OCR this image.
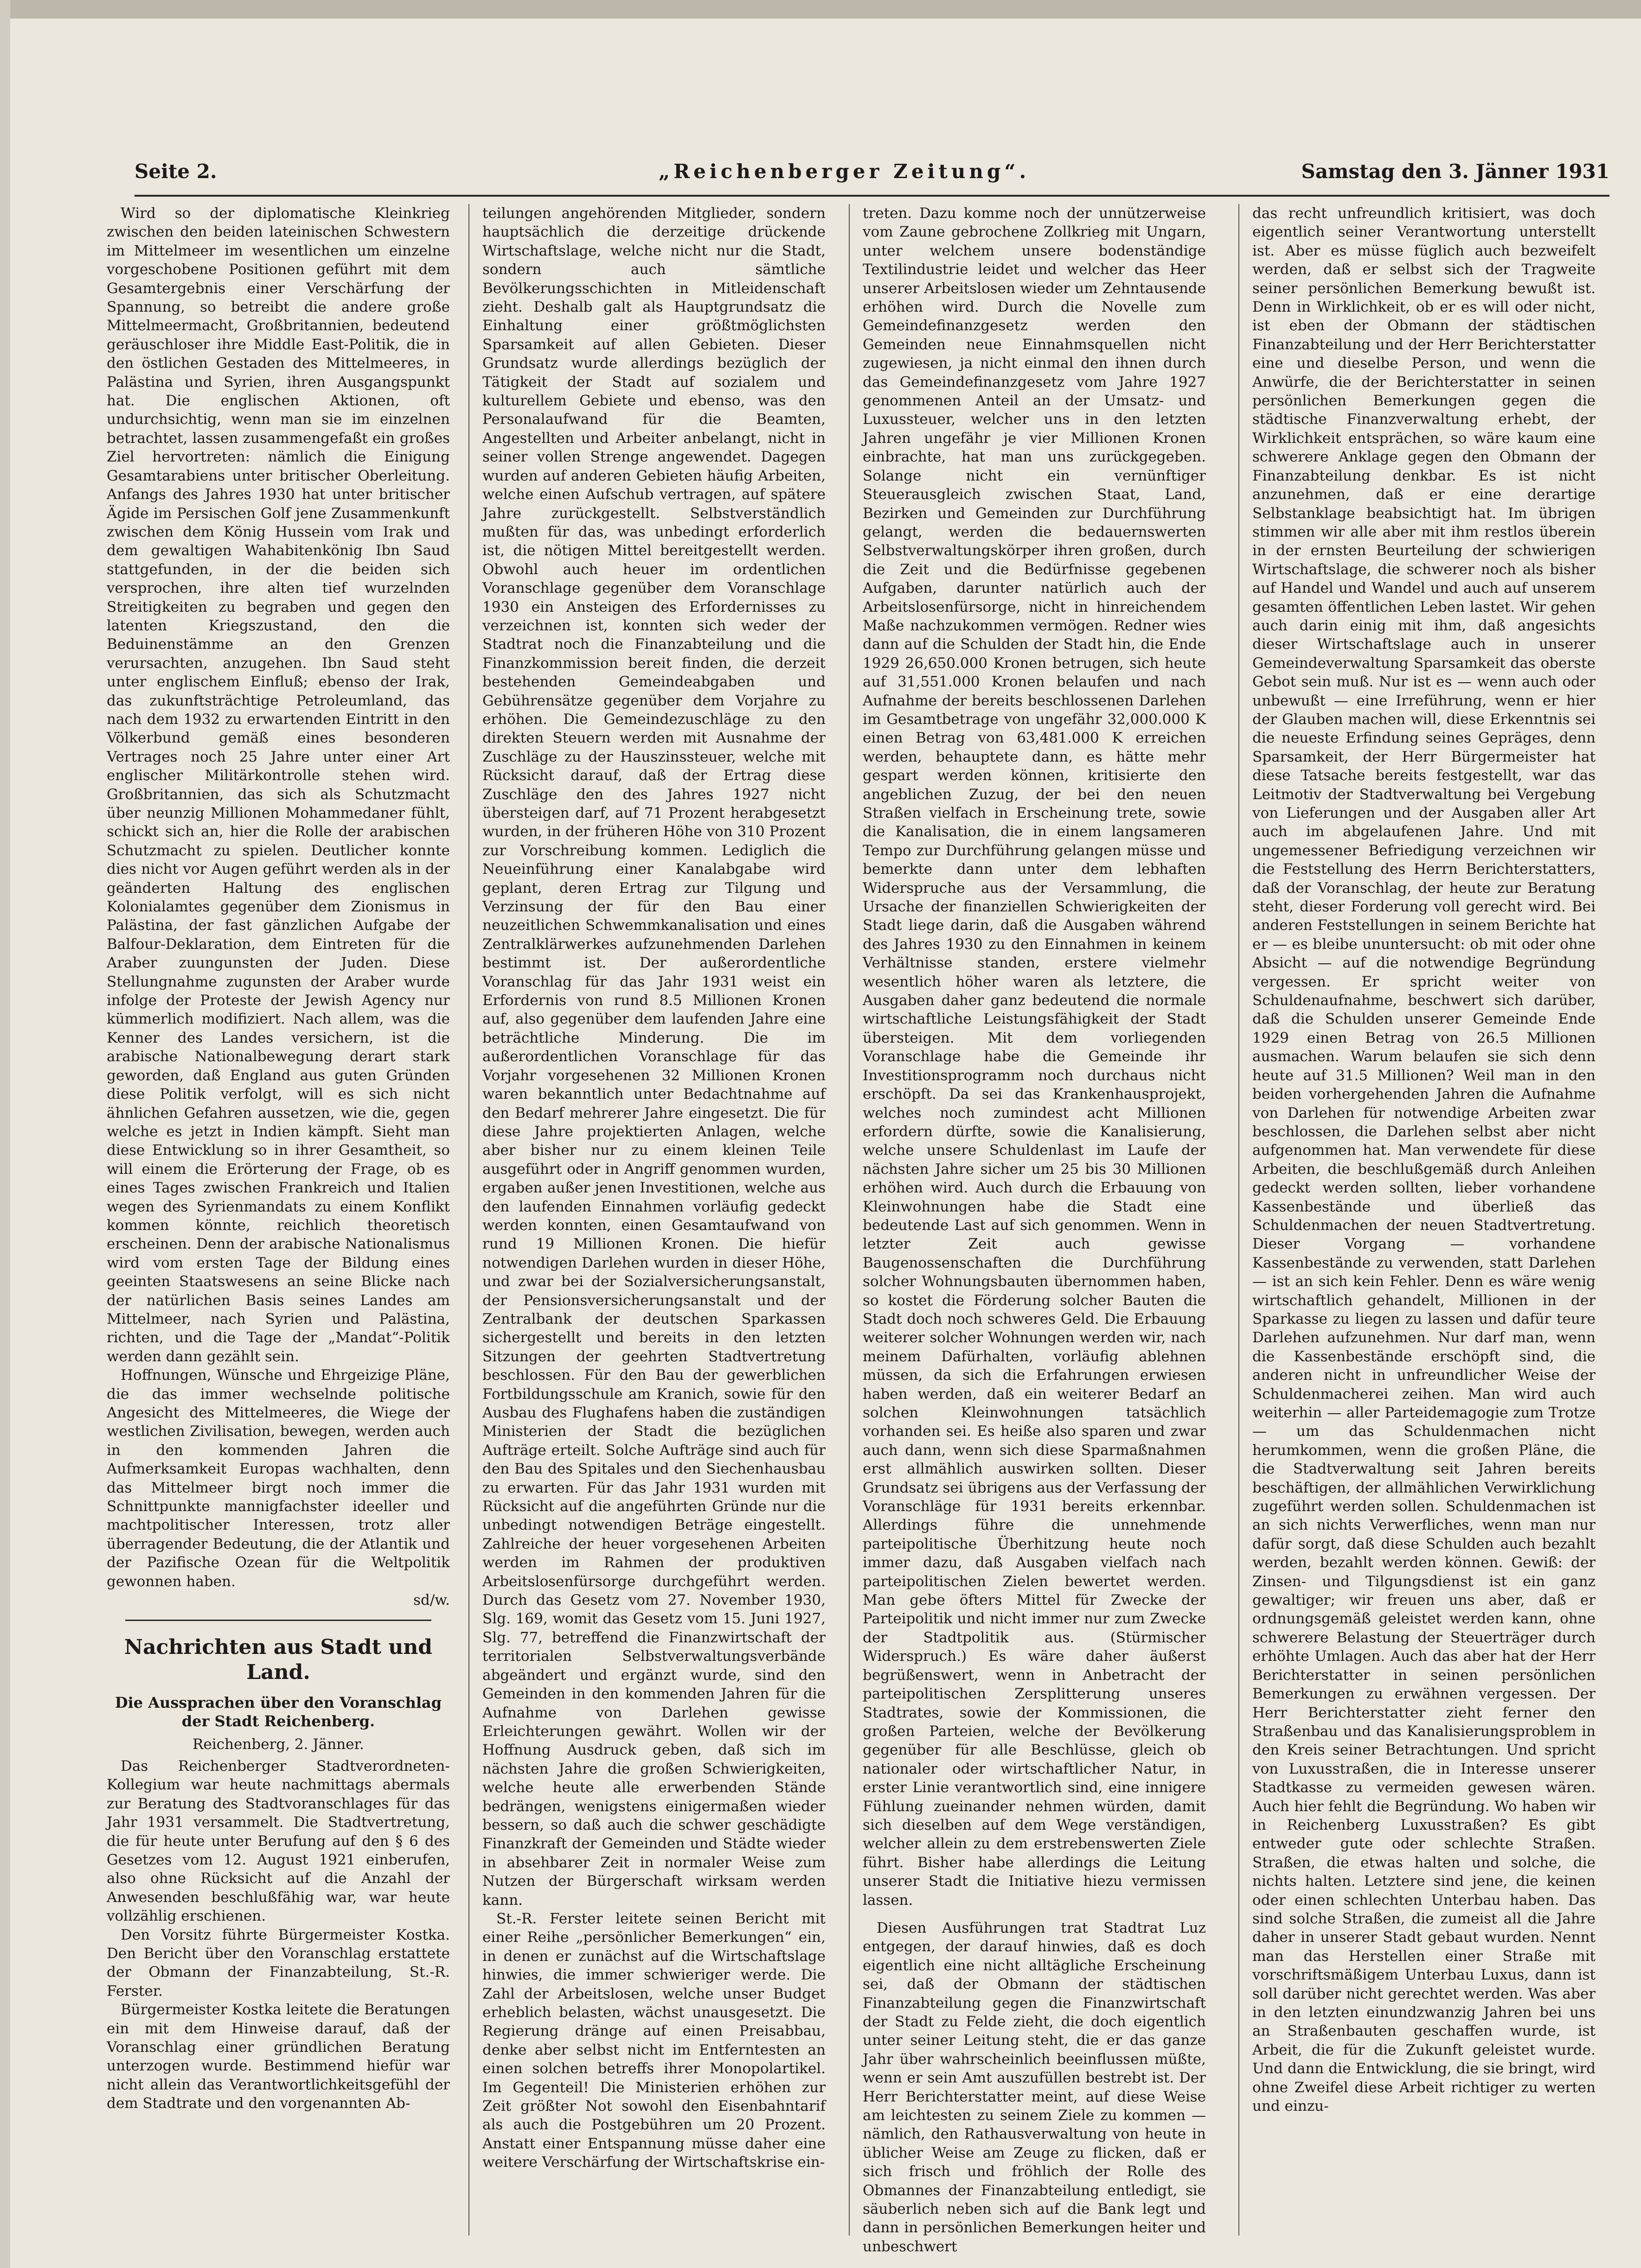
Seite 2.	„Reichenberger Zeitung“.	Samstag den 3. Jänner 1931

Wird so der diplomatische Kleinkrieg zwischen den beiden lateinischen Schwestern im Mittelmeer im wesentlichen um einzelne vorgeschobene Positionen geführt mit dem Gesamtergebnis einer Verschärfung der Spannung, so betreibt die andere große Mittelmeermacht, Großbritannien, bedeutend geräuschloser ihre Middle East-Politik, die in den östlichen Gestaden des Mittelmeeres, in Palästina und Syrien, ihren Ausgangspunkt hat. Die englischen Aktionen, oft undurchsichtig, wenn man sie im einzelnen betrachtet, lassen zusammengefaßt ein großes Ziel hervortreten: nämlich die Einigung Gesamtarabiens unter britischer Oberleitung. Anfangs des Jahres 1930 hat unter britischer Ägide im Persischen Golf jene Zusammenkunft zwischen dem König Hussein vom Irak und dem gewaltigen Wahabitenkönig Ibn Saud stattgefunden, in der die beiden sich versprochen, ihre alten tief wurzelnden Streitigkeiten zu begraben und gegen den latenten Kriegszustand, den die Beduinenstämme an den Grenzen verursachten, anzugehen. Ibn Saud steht unter englischem Einfluß; ebenso der Irak, das zukunftsträchtige Petroleumland, das nach dem 1932 zu erwartenden Eintritt in den Völkerbund gemäß eines besonderen Vertrages noch 25 Jahre unter einer Art englischer Militärkontrolle stehen wird. Großbritannien, das sich als Schutzmacht über neunzig Millionen Mohammedaner fühlt, schickt sich an, hier die Rolle der arabischen Schutzmacht zu spielen. Deutlicher konnte dies nicht vor Augen geführt werden als in der geänderten Haltung des englischen Kolonialamtes gegenüber dem Zionismus in Palästina, der fast gänzlichen Aufgabe der Balfour-Deklaration, dem Eintreten für die Araber zuungunsten der Juden. Diese Stellungnahme zugunsten der Araber wurde infolge der Proteste der Jewish Agency nur kümmerlich modifiziert. Nach allem, was die Kenner des Landes versichern, ist die arabische Nationalbewegung derart stark geworden, daß England aus guten Gründen diese Politik verfolgt, will es sich nicht ähnlichen Gefahren aussetzen, wie die, gegen welche es jetzt in Indien kämpft. Sieht man diese Entwicklung so in ihrer Gesamtheit, so will einem die Erörterung der Frage, ob es eines Tages zwischen Frankreich und Italien wegen des Syrienmandats zu einem Konflikt kommen könnte, reichlich theoretisch erscheinen. Denn der arabische Nationalismus wird vom ersten Tage der Bildung eines geeinten Staatswesens an seine Blicke nach der natürlichen Basis seines Landes am Mittelmeer, nach Syrien und Palästina, richten, und die Tage der „Mandat“-Politik werden dann gezählt sein.

Hoffnungen, Wünsche und Ehrgeizige Pläne, die das immer wechselnde politische Angesicht des Mittelmeeres, die Wiege der westlichen Zivilisation, bewegen, werden auch in den kommenden Jahren die Aufmerksamkeit Europas wachhalten, denn das Mittelmeer birgt noch immer die Schnittpunkte mannigfachster ideeller und machtpolitischer Interessen, trotz aller überragender Bedeutung, die der Atlantik und der Pazifische Ozean für die Weltpolitik gewonnen haben.

sd/w.
Nachrichten aus Stadt und Land.
Die Aussprachen über den Voranschlag der Stadt Reichenberg.
Reichenberg, 2. Jänner.

Das Reichenberger Stadtverordneten-Kollegium war heute nachmittags abermals zur Beratung des Stadtvoranschlages für das Jahr 1931 versammelt. Die Stadtvertretung, die für heute unter Berufung auf den § 6 des Gesetzes vom 12. August 1921 einberufen, also ohne Rücksicht auf die Anzahl der Anwesenden beschlußfähig war, war heute vollzählig erschienen.

Den Vorsitz führte Bürgermeister Kostka. Den Bericht über den Voranschlag erstattete der Obmann der Finanzabteilung, St.-R. Ferster.

Bürgermeister Kostka leitete die Beratungen ein mit dem Hinweise darauf, daß der Voranschlag einer gründlichen Beratung unterzogen wurde. Bestimmend hiefür war nicht allein das Verantwortlichkeitsgefühl der dem Stadtrate und den vorgenannten Ab-

teilungen angehörenden Mitglieder, sondern hauptsächlich die derzeitige drückende Wirtschaftslage, welche nicht nur die Stadt, sondern auch sämtliche Bevölkerungsschichten in Mitleidenschaft zieht. Deshalb galt als Hauptgrundsatz die Einhaltung einer größtmöglichsten Sparsamkeit auf allen Gebieten. Dieser Grundsatz wurde allerdings bezüglich der Tätigkeit der Stadt auf sozialem und kulturellem Gebiete und ebenso, was den Personalaufwand für die Beamten, Angestellten und Arbeiter anbelangt, nicht in seiner vollen Strenge angewendet. Dagegen wurden auf anderen Gebieten häufig Arbeiten, welche einen Aufschub vertragen, auf spätere Jahre zurückgestellt. Selbstverständlich mußten für das, was unbedingt erforderlich ist, die nötigen Mittel bereitgestellt werden. Obwohl auch heuer im ordentlichen Voranschlage gegenüber dem Voranschlage 1930 ein Ansteigen des Erfordernisses zu verzeichnen ist, konnten sich weder der Stadtrat noch die Finanzabteilung und die Finanzkommission bereit finden, die derzeit bestehenden Gemeindeabgaben und Gebührensätze gegenüber dem Vorjahre zu erhöhen. Die Gemeindezuschläge zu den direkten Steuern werden mit Ausnahme der Zuschläge zu der Hauszinssteuer, welche mit Rücksicht darauf, daß der Ertrag diese Zuschläge den des Jahres 1927 nicht übersteigen darf, auf 71 Prozent herabgesetzt wurden, in der früheren Höhe von 310 Prozent zur Vorschreibung kommen. Lediglich die Neueinführung einer Kanalabgabe wird geplant, deren Ertrag zur Tilgung und Verzinsung der für den Bau einer neuzeitlichen Schwemmkanalisation und eines Zentralklärwerkes aufzunehmenden Darlehen bestimmt ist. Der außerordentliche Voranschlag für das Jahr 1931 weist ein Erfordernis von rund 8.5 Millionen Kronen auf, also gegenüber dem laufenden Jahre eine beträchtliche Minderung. Die im außerordentlichen Voranschlage für das Vorjahr vorgesehenen 32 Millionen Kronen waren bekanntlich unter Bedachtnahme auf den Bedarf mehrerer Jahre eingesetzt. Die für diese Jahre projektierten Anlagen, welche aber bisher nur zu einem kleinen Teile ausgeführt oder in Angriff genommen wurden, ergaben außer jenen Investitionen, welche aus den laufenden Einnahmen vorläufig gedeckt werden konnten, einen Gesamtaufwand von rund 19 Millionen Kronen. Die hiefür notwendigen Darlehen wurden in dieser Höhe, und zwar bei der Sozialversicherungsanstalt, der Pensionsversicherungsanstalt und der Zentralbank der deutschen Sparkassen sichergestellt und bereits in den letzten Sitzungen der geehrten Stadtvertretung beschlossen. Für den Bau der gewerblichen Fortbildungsschule am Kranich, sowie für den Ausbau des Flughafens haben die zuständigen Ministerien der Stadt die bezüglichen Aufträge erteilt. Solche Aufträge sind auch für den Bau des Spitales und den Siechenhausbau zu erwarten. Für das Jahr 1931 wurden mit Rücksicht auf die angeführten Gründe nur die unbedingt notwendigen Beträge eingestellt. Zahlreiche der heuer vorgesehenen Arbeiten werden im Rahmen der produktiven Arbeitslosenfürsorge durchgeführt werden. Durch das Gesetz vom 27. November 1930, Slg. 169, womit das Gesetz vom 15. Juni 1927, Slg. 77, betreffend die Finanzwirtschaft der territorialen Selbstverwaltungsverbände abgeändert und ergänzt wurde, sind den Gemeinden in den kommenden Jahren für die Aufnahme von Darlehen gewisse Erleichterungen gewährt. Wollen wir der Hoffnung Ausdruck geben, daß sich im nächsten Jahre die großen Schwierigkeiten, welche heute alle erwerbenden Stände bedrängen, wenigstens einigermaßen wieder bessern, so daß auch die schwer geschädigte Finanzkraft der Gemeinden und Städte wieder in absehbarer Zeit in normaler Weise zum Nutzen der Bürgerschaft wirksam werden kann.

St.-R. Ferster leitete seinen Bericht mit einer Reihe „persönlicher Bemerkungen“ ein, in denen er zunächst auf die Wirtschaftslage hinwies, die immer schwieriger werde. Die Zahl der Arbeitslosen, welche unser Budget erheblich belasten, wächst unausgesetzt. Die Regierung dränge auf einen Preisabbau, denke aber selbst nicht im Entferntesten an einen solchen betreffs ihrer Monopolartikel. Im Gegenteil! Die Ministerien erhöhen zur Zeit größter Not sowohl den Eisenbahntarif als auch die Postgebühren um 20 Prozent. Anstatt einer Entspannung müsse daher eine weitere Verschärfung der Wirtschaftskrise ein-

treten. Dazu komme noch der unnützerweise vom Zaune gebrochene Zollkrieg mit Ungarn, unter welchem unsere bodenständige Textilindustrie leidet und welcher das Heer unserer Arbeitslosen wieder um Zehntausende erhöhen wird. Durch die Novelle zum Gemeindefinanzgesetz werden den Gemeinden neue Einnahmsquellen nicht zugewiesen, ja nicht einmal den ihnen durch das Gemeindefinanzgesetz vom Jahre 1927 genommenen Anteil an der Umsatz- und Luxussteuer, welcher uns in den letzten Jahren ungefähr je vier Millionen Kronen einbrachte, hat man uns zurückgegeben. Solange nicht ein vernünftiger Steuerausgleich zwischen Staat, Land, Bezirken und Gemeinden zur Durchführung gelangt, werden die bedauernswerten Selbstverwaltungskörper ihren großen, durch die Zeit und die Bedürfnisse gegebenen Aufgaben, darunter natürlich auch der Arbeitslosenfürsorge, nicht in hinreichendem Maße nachzukommen vermögen. Redner wies dann auf die Schulden der Stadt hin, die Ende 1929 26,650.000 Kronen betrugen, sich heute auf 31,551.000 Kronen belaufen und nach Aufnahme der bereits beschlossenen Darlehen im Gesamtbetrage von ungefähr 32,000.000 K einen Betrag von 63,481.000 K erreichen werden, behauptete dann, es hätte mehr gespart werden können, kritisierte den angeblichen Zuzug, der bei den neuen Straßen vielfach in Erscheinung trete, sowie die Kanalisation, die in einem langsameren Tempo zur Durchführung gelangen müsse und bemerkte dann unter dem lebhaften Widerspruche aus der Versammlung, die Ursache der finanziellen Schwierigkeiten der Stadt liege darin, daß die Ausgaben während des Jahres 1930 zu den Einnahmen in keinem Verhältnisse standen, erstere vielmehr wesentlich höher waren als letztere, die Ausgaben daher ganz bedeutend die normale wirtschaftliche Leistungsfähigkeit der Stadt übersteigen. Mit dem vorliegenden Voranschlage habe die Gemeinde ihr Investitionsprogramm noch durchaus nicht erschöpft. Da sei das Krankenhausprojekt, welches noch zumindest acht Millionen erfordern dürfte, sowie die Kanalisierung, welche unsere Schuldenlast im Laufe der nächsten Jahre sicher um 25 bis 30 Millionen erhöhen wird. Auch durch die Erbauung von Kleinwohnungen habe die Stadt eine bedeutende Last auf sich genommen. Wenn in letzter Zeit auch gewisse Baugenossenschaften die Durchführung solcher Wohnungsbauten übernommen haben, so kostet die Förderung solcher Bauten die Stadt doch noch schweres Geld. Die Erbauung weiterer solcher Wohnungen werden wir, nach meinem Dafürhalten, vorläufig ablehnen müssen, da sich die Erfahrungen erwiesen haben werden, daß ein weiterer Bedarf an solchen Kleinwohnungen tatsächlich vorhanden sei. Es heiße also sparen und zwar auch dann, wenn sich diese Sparmaßnahmen erst allmählich auswirken sollten. Dieser Grundsatz sei übrigens aus der Verfassung der Voranschläge für 1931 bereits erkennbar. Allerdings führe die unnehmende parteipolitische Überhitzung heute noch immer dazu, daß Ausgaben vielfach nach parteipolitischen Zielen bewertet werden. Man gebe öfters Mittel für Zwecke der Parteipolitik und nicht immer nur zum Zwecke der Stadtpolitik aus. (Stürmischer Widerspruch.) Es wäre daher äußerst begrüßenswert, wenn in Anbetracht der parteipolitischen Zersplitterung unseres Stadtrates, sowie der Kommissionen, die großen Parteien, welche der Bevölkerung gegenüber für alle Beschlüsse, gleich ob nationaler oder wirtschaftlicher Natur, in erster Linie verantwortlich sind, eine innigere Fühlung zueinander nehmen würden, damit sich dieselben auf dem Wege verständigen, welcher allein zu dem erstrebenswerten Ziele führt. Bisher habe allerdings die Leitung unserer Stadt die Initiative hiezu vermissen lassen.

Diesen Ausführungen trat Stadtrat Luz entgegen, der darauf hinwies, daß es doch eigentlich eine nicht alltägliche Erscheinung sei, daß der Obmann der städtischen Finanzabteilung gegen die Finanzwirtschaft der Stadt zu Felde zieht, die doch eigentlich unter seiner Leitung steht, die er das ganze Jahr über wahrscheinlich beeinflussen müßte, wenn er sein Amt auszufüllen bestrebt ist. Der Herr Berichterstatter meint, auf diese Weise am leichtesten zu seinem Ziele zu kommen — nämlich, den Rathausverwaltung von heute in üblicher Weise am Zeuge zu flicken, daß er sich frisch und fröhlich der Rolle des Obmannes der Finanzabteilung entledigt, sie säuberlich neben sich auf die Bank legt und dann in persönlichen Bemerkungen heiter und unbeschwert

das recht unfreundlich kritisiert, was doch eigentlich seiner Verantwortung unterstellt ist. Aber es müsse füglich auch bezweifelt werden, daß er selbst sich der Tragweite seiner persönlichen Bemerkung bewußt ist. Denn in Wirklichkeit, ob er es will oder nicht, ist eben der Obmann der städtischen Finanzabteilung und der Herr Berichterstatter eine und dieselbe Person, und wenn die Anwürfe, die der Berichterstatter in seinen persönlichen Bemerkungen gegen die städtische Finanzverwaltung erhebt, der Wirklichkeit entsprächen, so wäre kaum eine schwerere Anklage gegen den Obmann der Finanzabteilung denkbar. Es ist nicht anzunehmen, daß er eine derartige Selbstanklage beabsichtigt hat. Im übrigen stimmen wir alle aber mit ihm restlos überein in der ernsten Beurteilung der schwierigen Wirtschaftslage, die schwerer noch als bisher auf Handel und Wandel und auch auf unserem gesamten öffentlichen Leben lastet. Wir gehen auch darin einig mit ihm, daß angesichts dieser Wirtschaftslage auch in unserer Gemeindeverwaltung Sparsamkeit das oberste Gebot sein muß. Nur ist es — wenn auch oder unbewußt — eine Irreführung, wenn er hier der Glauben machen will, diese Erkenntnis sei die neueste Erfindung seines Gepräges, denn Sparsamkeit, der Herr Bürgermeister hat diese Tatsache bereits festgestellt, war das Leitmotiv der Stadtverwaltung bei Vergebung von Lieferungen und der Ausgaben aller Art auch im abgelaufenen Jahre. Und mit ungemessener Befriedigung verzeichnen wir die Feststellung des Herrn Berichterstatters, daß der Voranschlag, der heute zur Beratung steht, dieser Forderung voll gerecht wird. Bei anderen Feststellungen in seinem Berichte hat er — es bleibe ununtersucht: ob mit oder ohne Absicht — auf die notwendige Begründung vergessen. Er spricht weiter von Schuldenaufnahme, beschwert sich darüber, daß die Schulden unserer Gemeinde Ende 1929 einen Betrag von 26.5 Millionen ausmachen. Warum belaufen sie sich denn heute auf 31.5 Millionen? Weil man in den beiden vorhergehenden Jahren die Aufnahme von Darlehen für notwendige Arbeiten zwar beschlossen, die Darlehen selbst aber nicht aufgenommen hat. Man verwendete für diese Arbeiten, die beschlußgemäß durch Anleihen gedeckt werden sollten, lieber vorhandene Kassenbestände und überließ das Schuldenmachen der neuen Stadtvertretung. Dieser Vorgang — vorhandene Kassenbestände zu verwenden, statt Darlehen — ist an sich kein Fehler. Denn es wäre wenig wirtschaftlich gehandelt, Millionen in der Sparkasse zu liegen zu lassen und dafür teure Darlehen aufzunehmen. Nur darf man, wenn die Kassenbestände erschöpft sind, die anderen nicht in unfreundlicher Weise der Schuldenmacherei zeihen. Man wird auch weiterhin — aller Parteidemagogie zum Trotze — um das Schuldenmachen nicht herumkommen, wenn die großen Pläne, die die Stadtverwaltung seit Jahren bereits beschäftigen, der allmählichen Verwirklichung zugeführt werden sollen. Schuldenmachen ist an sich nichts Verwerfliches, wenn man nur dafür sorgt, daß diese Schulden auch bezahlt werden, bezahlt werden können. Gewiß: der Zinsen- und Tilgungsdienst ist ein ganz gewaltiger; wir freuen uns aber, daß er ordnungsgemäß geleistet werden kann, ohne schwerere Belastung der Steuerträger durch erhöhte Umlagen. Auch das aber hat der Herr Berichterstatter in seinen persönlichen Bemerkungen zu erwähnen vergessen. Der Herr Berichterstatter zieht ferner den Straßenbau und das Kanalisierungsproblem in den Kreis seiner Betrachtungen. Und spricht von Luxusstraßen, die in Interesse unserer Stadtkasse zu vermeiden gewesen wären. Auch hier fehlt die Begründung. Wo haben wir in Reichenberg Luxusstraßen? Es gibt entweder gute oder schlechte Straßen. Straßen, die etwas halten und solche, die nichts halten. Letztere sind jene, die keinen oder einen schlechten Unterbau haben. Das sind solche Straßen, die zumeist all die Jahre daher in unserer Stadt gebaut wurden. Nennt man das Herstellen einer Straße mit vorschriftsmäßigem Unterbau Luxus, dann ist soll darüber nicht gerechtet werden. Was aber in den letzten einundzwanzig Jahren bei uns an Straßenbauten geschaffen wurde, ist Arbeit, die für die Zukunft geleistet wurde. Und dann die Entwicklung, die sie bringt, wird ohne Zweifel diese Arbeit richtiger zu werten und einzu-
